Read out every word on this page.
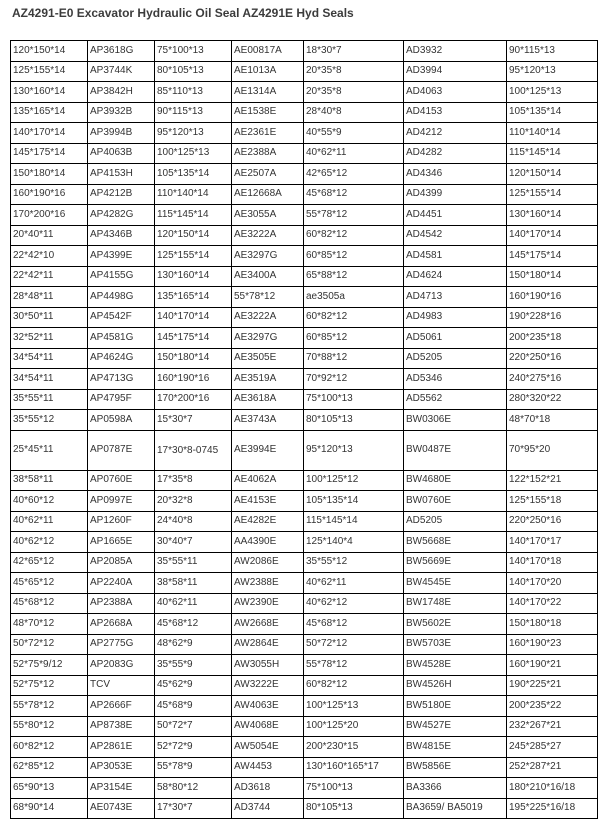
AZ4291-E0 Excavator Hydraulic Oil Seal AZ4291E Hyd Seals
120*150*14	AP3618G	75*100*13	AE00817A	18*30*7	AD3932	90*115*13
125*155*14	AP3744K	80*105*13	AE1013A	20*35*8	AD3994	95*120*13
130*160*14	AP3842H	85*110*13	AE1314A	20*35*8	AD4063	100*125*13
135*165*14	AP3932B	90*115*13	AE1538E	28*40*8	AD4153	105*135*14
140*170*14	AP3994B	95*120*13	AE2361E	40*55*9	AD4212	110*140*14
145*175*14	AP4063B	100*125*13	AE2388A	40*62*11	AD4282	115*145*14
150*180*14	AP4153H	105*135*14	AE2507A	42*65*12	AD4346	120*150*14
160*190*16	AP4212B	110*140*14	AE12668A	45*68*12	AD4399	125*155*14
170*200*16	AP4282G	115*145*14	AE3055A	55*78*12	AD4451	130*160*14
20*40*11	AP4346B	120*150*14	AE3222A	60*82*12	AD4542	140*170*14
22*42*10	AP4399E	125*155*14	AE3297G	60*85*12	AD4581	145*175*14
22*42*11	AP4155G	130*160*14	AE3400A	65*88*12	AD4624	150*180*14
28*48*11	AP4498G	135*165*14	55*78*12	ae3505a	AD4713	160*190*16
30*50*11	AP4542F	140*170*14	AE3222A	60*82*12	AD4983	190*228*16
32*52*11	AP4581G	145*175*14	AE3297G	60*85*12	AD5061	200*235*18
34*54*11	AP4624G	150*180*14	AE3505E	70*88*12	AD5205	220*250*16
34*54*11	AP4713G	160*190*16	AE3519A	70*92*12	AD5346	240*275*16
35*55*11	AP4795F	170*200*16	AE3618A	75*100*13	AD5562	280*320*22
35*55*12	AP0598A	15*30*7	AE3743A	80*105*13	BW0306E	48*70*18
25*45*11	AP0787E	17*30*8-0745	AE3994E	95*120*13	BW0487E	70*95*20
38*58*11	AP0760E	17*35*8	AE4062A	100*125*12	BW4680E	122*152*21
40*60*12	AP0997E	20*32*8	AE4153E	105*135*14	BW0760E	125*155*18
40*62*11	AP1260F	24*40*8	AE4282E	115*145*14	AD5205	220*250*16
40*62*12	AP1665E	30*40*7	AA4390E	125*140*4	BW5668E	140*170*17
42*65*12	AP2085A	35*55*11	AW2086E	35*55*12	BW5669E	140*170*18
45*65*12	AP2240A	38*58*11	AW2388E	40*62*11	BW4545E	140*170*20
45*68*12	AP2388A	40*62*11	AW2390E	40*62*12	BW1748E	140*170*22
48*70*12	AP2668A	45*68*12	AW2668E	45*68*12	BW5602E	150*180*18
50*72*12	AP2775G	48*62*9	AW2864E	50*72*12	BW5703E	160*190*23
52*75*9/12	AP2083G	35*55*9	AW3055H	55*78*12	BW4528E	160*190*21
52*75*12	TCV	45*62*9	AW3222E	60*82*12	BW4526H	190*225*21
55*78*12	AP2666F	45*68*9	AW4063E	100*125*13	BW5180E	200*235*22
55*80*12	AP8738E	50*72*7	AW4068E	100*125*20	BW4527E	232*267*21
60*82*12	AP2861E	52*72*9	AW5054E	200*230*15	BW4815E	245*285*27
62*85*12	AP3053E	55*78*9	AW4453	130*160*165*17	BW5856E	252*287*21
65*90*13	AP3154E	58*80*12	AD3618	75*100*13	BA3366	180*210*16/18
68*90*14	AE0743E	17*30*7	AD3744	80*105*13	BA3659/ BA5019	195*225*16/18
